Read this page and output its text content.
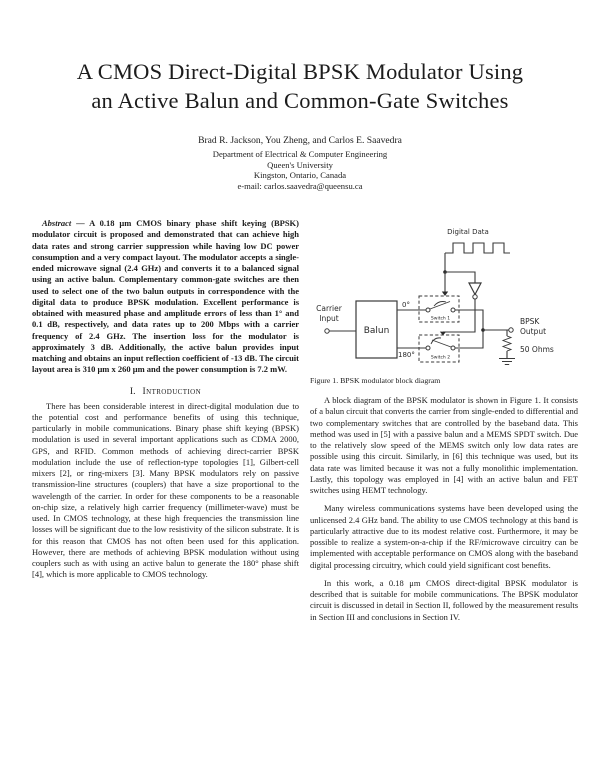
A CMOS Direct-Digital BPSK Modulator Using
an Active Balun and Common-Gate Switches
Brad R. Jackson, You Zheng, and Carlos E. Saavedra
Department of Electrical & Computer Engineering
Queen's University
Kingston, Ontario, Canada
e-mail: carlos.saavedra@queensu.ca

Abstract — A 0.18 μm CMOS binary phase shift keying (BPSK) modulator circuit is proposed and demonstrated that can achieve high data rates and strong carrier suppression while having low DC power consumption and a very compact layout. The modulator accepts a single-ended microwave signal (2.4 GHz) and converts it to a balanced signal using an active balun. Complementary common-gate switches are then used to select one of the two balun outputs in correspondence with the digital data to produce BPSK modulation. Excellent performance is obtained with measured phase and amplitude errors of less than 1° and 0.1 dB, respectively, and data rates up to 200 Mbps with a carrier frequency of 2.4 GHz. The insertion loss for the modulator is approximately 3 dB. Additionally, the active balun provides input matching and obtains an input reflection coefficient of -13 dB. The circuit layout area is 310 μm x 260 μm and the power consumption is 7.2 mW.

I. Introduction

There has been considerable interest in direct-digital modulation due to the potential cost and performance benefits of using this technique, particularly in mobile communications. Binary phase shift keying (BPSK) modulation is used in several important applications such as CDMA 2000, GPS, and RFID. Common methods of achieving direct-carrier BPSK modulation include the use of reflection-type topologies [1], Gilbert-cell mixers [2], or ring-mixers [3]. Many BPSK modulators rely on passive transmission-line structures (couplers) that have a size proportional to the wavelength of the carrier. In order for these components to be a reasonable on-chip size, a relatively high carrier frequency (millimeter-wave) must be used. In CMOS technology, at these high frequencies the transmission line losses will be significant due to the low resistivity of the silicon substrate. It is for this reason that CMOS has not often been used for this application. However, there are methods of achieving BPSK modulation without using couplers such as with using an active balun to generate the 180° phase shift [4], which is more applicable to CMOS technology.

Digital Data
Carrier
Input
Balun
0°
180°
Switch 1
Switch 2
BPSK
Output
50 Ohms
Figure 1. BPSK modulator block diagram

A block diagram of the BPSK modulator is shown in Figure 1. It consists of a balun circuit that converts the carrier from single-ended to differential and two complementary switches that are controlled by the baseband data. This method was used in [5] with a passive balun and a MEMS SPDT switch. Due to the relatively slow speed of the MEMS switch only low data rates are possible using this circuit. Similarly, in [6] this technique was used, but its data rate was limited because it was not a fully monolithic implementation. Lastly, this topology was employed in [4] with an active balun and FET switches using HEMT technology.

Many wireless communications systems have been developed using the unlicensed 2.4 GHz band. The ability to use CMOS technology at this band is particularly attractive due to its modest relative cost. Furthermore, it may be possible to realize a system-on-a-chip if the RF/microwave circuitry can be implemented with acceptable performance on CMOS along with the baseband digital processing circuitry, which could yield significant cost benefits.

In this work, a 0.18 μm CMOS direct-digital BPSK modulator is described that is suitable for mobile communications. The BPSK modulator circuit is discussed in detail in Section II, followed by the measurement results in Section III and conclusions in Section IV.
